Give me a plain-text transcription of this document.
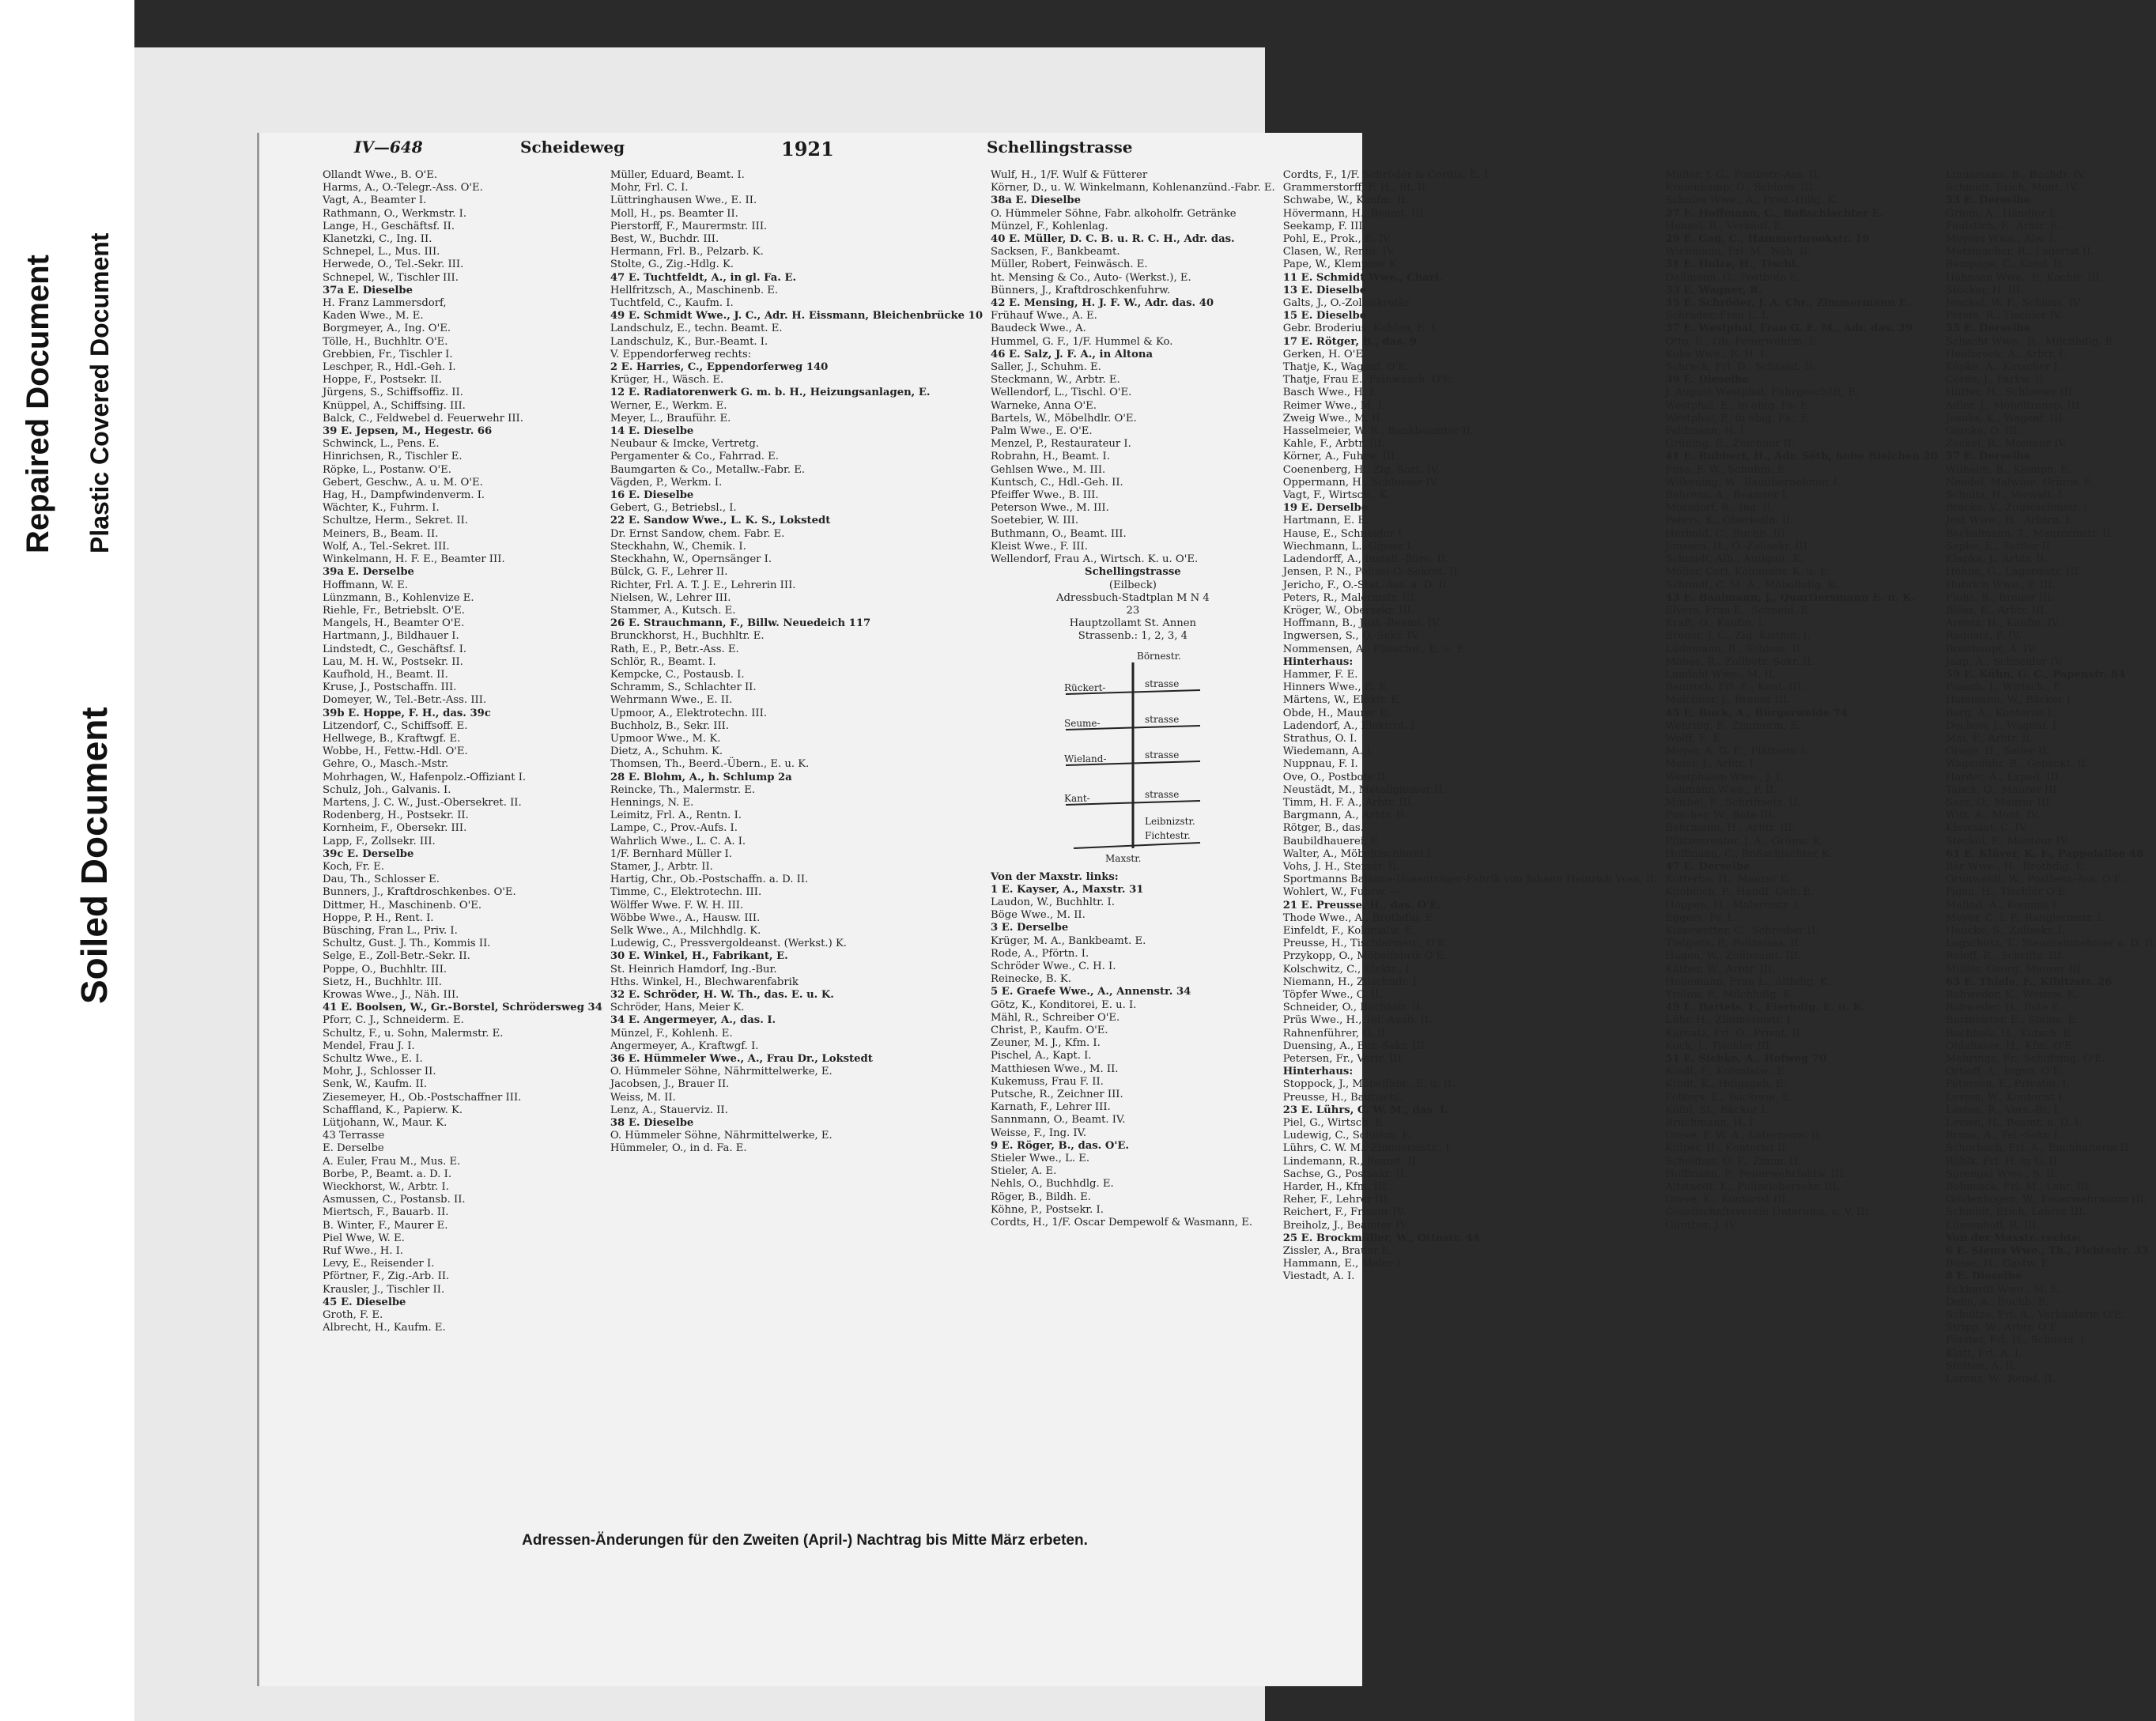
Repaired Document Plastic Covered Document
Soiled Document
IV—648	Scheideweg	1921	Schellingstrasse
Ollandt Wwe., B. O'E.
Harms, A., O.-Telegr.-Ass. O'E.
Vagt, A., Beamter I.
Rathmann, O., Werkmstr. I.
Lange, H., Geschäftsf. II.
Klanetzki, C., Ing. II.
Schnepel, L., Mus. III.
Herwede, O., Tel.-Sekr. III.
Schnepel, W., Tischler III.
37a E. Dieselbe
H. Franz Lammersdorf,
Kaden Wwe., M. E.
Borgmeyer, A., Ing. O'E.
Tölle, H., Buchhltr. O'E.
Grebbien, Fr., Tischler I.
Leschper, R., Hdl.-Geh. I.
Hoppe, F., Postsekr. II.
Jürgens, S., Schiffsoffiz. II.
Knüppel, A., Schiffsing. III.
Balck, C., Feldwebel d. Feuerwehr III.
39 E. Jepsen, M., Hegestr. 66
Schwinck, L., Pens. E.
Hinrichsen, R., Tischler E.
Röpke, L., Postanw. O'E.
Gebert, Geschw., A. u. M. O'E.
Hag, H., Dampfwindenverm. I.
Wächter, K., Fuhrm. I.
Schultze, Herm., Sekret. II.
Meiners, B., Beam. II.
Wolf, A., Tel.-Sekret. III.
Winkelmann, H. F. E., Beamter III.
39a E. Derselbe
Hoffmann, W. E.
Lünzmann, B., Kohlenvize E.
Riehle, Fr., Betriebslt. O'E.
Mangels, H., Beamter O'E.
Hartmann, J., Bildhauer I.
Lindstedt, C., Geschäftsf. I.
Lau, M. H. W., Postsekr. II.
Kaufhold, H., Beamt. II.
Kruse, J., Postschaffn. III.
Domeyer, W., Tel.-Betr.-Ass. III.
39b E. Hoppe, F. H., das. 39c
Litzendorf, C., Schiffsoff. E.
Hellwege, B., Kraftwgf. E.
Wobbe, H., Fettw.-Hdl. O'E.
Gehre, O., Masch.-Mstr.
Mohrhagen, W., Hafenpolz.-Offiziant I.
Schulz, Joh., Galvanis. I.
Martens, J. C. W., Just.-Obersekret. II.
Rodenberg, H., Postsekr. II.
Kornheim, F., Obersekr. III.
Lapp, F., Zollsekr. III.
39c E. Derselbe
Koch, Fr. E.
Dau, Th., Schlosser E.
Bunners, J., Kraftdroschkenbes. O'E.
Dittmer, H., Maschinenb. O'E.
Hoppe, P. H., Rent. I.
Büsching, Fran L., Priv. I.
Schultz, Gust. J. Th., Kommis II.
Selge, E., Zoll-Betr.-Sekr. II.
Poppe, O., Buchhltr. III.
Sietz, H., Buchhltr. III.
Krowas Wwe., J., Näh. III.
41 E. Boolsen, W., Gr.-Borstel, Schrödersweg 34
Pforr, C. J., Schneiderm. E.
Schultz, F., u. Sohn, Malermstr. E.
Mendel, Frau J. I.
Schultz Wwe., E. I.
Mohr, J., Schlosser II.
Senk, W., Kaufm. II.
Ziesemeyer, H., Ob.-Postschaffner III.
Schaffland, K., Papierw. K.
Lütjohann, W., Maur. K.
43 Terrasse
E. Derselbe
A. Euler, Frau M., Mus. E.
Borbe, P., Beamt. a. D. I.
Wieckhorst, W., Arbtr. I.
Asmussen, C., Postansb. II.
Miertsch, F., Bauarb. II.
B. Winter, F., Maurer E.
Piel Wwe, W. E.
Ruf Wwe., H. I.
Levy, E., Reisender I.
Pförtner, F., Zig.-Arb. II.
Krausler, J., Tischler II.
45 E. Dieselbe
Groth, F. E.
Albrecht, H., Kaufm. E.
Müller, Eduard, Beamt. I.
Mohr, Frl. C. I.
Lüttringhausen Wwe., E. II.
Moll, H., ps. Beamter II.
Pierstorff, F., Maurermstr. III.
Best, W., Buchdr. III.
Hermann, Frl. B., Pelzarb. K.
Stolte, G., Zig.-Hdlg. K.
47 E. Tuchtfeldt, A., in gl. Fa. E.
Hellfritzsch, A., Maschinenb. E.
Tuchtfeld, C., Kaufm. I.
49 E. Schmidt Wwe., J. C., Adr. H. Eissmann, Bleichenbrücke 10
Landschulz, E., techn. Beamt. E.
Landschulz, K., Bur.-Beamt. I.
V. Eppendorferweg rechts:
2 E. Harries, C., Eppendorferweg 140
Krüger, H., Wäsch. E.
12 E. Radiatorenwerk G. m. b. H., Heizungsanlagen, E.
Werner, E., Werkm. E.
Meyer, L., Brauführ. E.
14 E. Dieselbe
Neubaur & Imcke, Vertretg.
Pergamenter & Co., Fahrrad. E.
Baumgarten & Co., Metallw.-Fabr. E.
Vägden, P., Werkm. I.
16 E. Dieselbe
Gebert, G., Betriebsl., I.
22 E. Sandow Wwe., L. K. S., Lokstedt
Dr. Ernst Sandow, chem. Fabr. E.
Steckhahn, W., Chemik. I.
Steckhahn, W., Opernsänger I.
Bülck, G. F., Lehrer II.
Richter, Frl. A. T. J. E., Lehrerin III.
Nielsen, W., Lehrer III.
Stammer, A., Kutsch. E.
26 E. Strauchmann, F., Billw. Neuedeich 117
Brunckhorst, H., Buchhltr. E.
Rath, E., P., Betr.-Ass. E.
Schlör, R., Beamt. I.
Kempcke, C., Postausb. I.
Schramm, S., Schlachter II.
Wehrmann Wwe., E. II.
Upmoor, A., Elektrotechn. III.
Buchholz, B., Sekr. III.
Upmoor Wwe., M. K.
Dietz, A., Schuhm. K.
Thomsen, Th., Beerd.-Übern., E. u. K.
28 E. Blohm, A., h. Schlump 2a
Reincke, Th., Malermstr. E.
Hennings, N. E.
Leimitz, Frl. A., Rentn. I.
Lampe, C., Prov.-Aufs. I.
Wahrlich Wwe., L. C. A. I.
1/F. Bernhard Müller I.
Stamer, J., Arbtr. II.
Hartig, Chr., Ob.-Postschaffn. a. D. II.
Timme, C., Elektrotechn. III.
Wölffer Wwe. F. W. H. III.
Wöbbe Wwe., A., Hausw. III.
Selk Wwe., A., Milchhdlg. K.
Ludewig, C., Pressvergoldeanst. (Werkst.) K.
30 E. Winkel, H., Fabrikant, E.
St. Heinrich Hamdorf, Ing.-Bur.
Hths. Winkel, H., Blechwarenfabrik
32 E. Schröder, H. W. Th., das. E. u. K.
Schröder, Hans, Meier K.
34 E. Angermeyer, A., das. I.
Münzel, F., Kohlenh. E.
Angermeyer, A., Kraftwgf. I.
36 E. Hümmeler Wwe., A., Frau Dr., Lokstedt
O. Hümmeler Söhne, Nährmittelwerke, E.
Jacobsen, J., Brauer II.
Weiss, M. II.
Lenz, A., Stauerviz. II.
38 E. Dieselbe
O. Hümmeler Söhne, Nährmittelwerke, E.
Hümmeler, O., in d. Fa. E.
Wulf, H., 1/F. Wulf & Fütterer
Körner, D., u. W. Winkelmann, Kohlenanzünd.-Fabr. E.
38a E. Dieselbe
O. Hümmeler Söhne, Fabr. alkoholfr. Getränke
Münzel, F., Kohlenlag.
40 E. Müller, D. C. B. u. R. C. H., Adr. das.
Sacksen, F., Bankbeamt.
Müller, Robert, Feinwäsch. E.
ht. Mensing & Co., Auto- (Werkst.), E.
Bünners, J., Kraftdroschkenfuhrw.
42 E. Mensing, H. J. F. W., Adr. das. 40
Frühauf Wwe., A. E.
Baudeck Wwe., A.
Hummel, G. F., 1/F. Hummel & Ko.
46 E. Salz, J. F. A., in Altona
Saller, J., Schuhm. E.
Steckmann, W., Arbtr. E.
Wellendorf, L., Tischl. O'E.
Warneke, Anna O'E.
Bartels, W., Möbelhdlr. O'E.
Palm Wwe., E. O'E.
Menzel, P., Restaurateur I.
Robrahn, H., Beamt. I.
Gehlsen Wwe., M. III.
Kuntsch, C., Hdl.-Geh. II.
Pfeiffer Wwe., B. III.
Peterson Wwe., M. III.
Soetebier, W. III.
Buthmann, O., Beamt. III.
Kleist Wwe., F. III.
Wellendorf, Frau A., Wirtsch. K. u. O'E.
Schellingstrasse
(Eilbeck)
Adressbuch-Stadtplan M N 4
23
Hauptzollamt St. Annen
Strassenb.: 1, 2, 3, 4
Rückert-	strasse
Seume-	strasse
Wieland-	strasse
Kant-	strasse
Börnestr.
Leibnizstr.
Fichtestr.
Maxstr.
Von der Maxstr. links:
1 E. Kayser, A., Maxstr. 31
Laudon, W., Buchhltr. I.
Böge Wwe., M. II.
3 E. Derselbe
Krüger, M. A., Bankbeamt. E.
Rode, A., Pförtn. I.
Schröder Wwe., C. H. I.
Reinecke, B. K.
5 E. Graefe Wwe., A., Annenstr. 34
Götz, K., Konditorei, E. u. I.
Mähl, R., Schreiber O'E.
Christ, P., Kaufm. O'E.
Zeuner, M. J., Kfm. I.
Pischel, A., Kapt. I.
Matthiesen Wwe., M. II.
Kukemuss, Frau F. II.
Putsche, R., Zeichner III.
Karnath, F., Lehrer III.
Sannmann, O., Beamt. IV.
Weisse, F., Ing. IV.
9 E. Röger, B., das. O'E.
Stieler Wwe., L. E.
Stieler, A. E.
Nehls, O., Buchhdlg. E.
Röger, B., Bildh. E.
Köhne, P., Postsekr. I.
Cordts, H., 1/F. Oscar Dempewolf & Wasmann, E.
Cordts, F., 1/F. Schröder & Cordts, E. I.
Grammerstorff, F. H., Bt. II.
Schwabe, W., Kaufm. II.
Hövermann, H., Beamt. III.
Seekamp, F. III.
Pohl, E., Prok., E. IV.
Clasen, W., Rentn. IV.
Pape, W., Klempner K.
11 E. Schmidt Wwe., Charl.
13 E. Dieselbe
Galts, J., O.-Zollsekretär
15 E. Dieselbe
Gebr. Broderius, Kohlen, E. I.
17 E. Rötger, B., das. 9
Gerken, H. O'E.
Thatje, K., Wagenf. O'E.
Thatje, Frau E., Feinwäsch. O'E.
Basch Wwe., H. I.
Reimer Wwe., M. I.
Zweig Wwe., M. II.
Hasselmeier, W. R., Bankbeamter II.
Kahle, F., Arbtr. III.
Körner, A., Fuhrw. III.
Coenenberg, H., Zig.-Sort. IV.
Oppermann, H., Schlosser IV.
Vagt, F., Wirtsch., K.
19 E. Derselbe
Hartmann, E. E.
Hause, E., Schneider I.
Wiechmann, L., Gipser I.
Ladendorff, A., Install.-Büro, II.
Jensen, P. N., Polizei-O.-Sekret. II.
Jericho, F., O.-Stat.-Ass. a. D. II.
Peters, R., Malermstr. III.
Kröger, W., Obersekr. III.
Hoffmann, B., Just.-Beamt. IV.
Ingwersen, S., O.-Sekr. IV.
Nommensen, A., Fleischw., E. u. E.
Hinterhaus:
Hammer, F. E.
Hinners Wwe., E. E.
Märtens, W., Elektr. E.
Obde, H., Maurer E.
Ladendorf, A., Elektrot. I.
Strathus, O. I.
Wiedemann, A. I.
Nuppnau, F. I.
Ove, O., Postbote II.
Neustädt, M., Metallgiesser II.
Timm, H. F. A., Arbtr. III.
Bargmann, A., Arbtr. II.
Rötger, B., das.
Baubildhauerei, E.
Walter, A., Möbeltischlerei I.
Vohs, J. H., Steindr. II.
Sportmanns Balance-Hosenträger-Fabrik von Johann Heinrich Voss, II.
Wohlert, W., Fuhrw. —
21 E. Preusse, H., das. O'E.
Thode Wwe., A., Brothdlg. E.
Einfeldt, F., Kolonialw. E.
Preusse, H., Tischlermstr., O'E.
Przykopp, O., Möbelfabrik O'E.
Kolschwitz, C., Elektr., I.
Niemann, H., Zuschndr. I.
Töpfer Wwe., C. II.
Schneider, O., Buchhltr. II.
Prüs Wwe., H., Tel.-Ausb. II.
Rahnenführer, G. II.
Duensing, A., Bur.-Sekr. III.
Petersen, Fr., Vertr. III.
Hinterhaus:
Stoppock, J., Möbelfabr., E. u. II.
Preusse, H., Bautischl.
23 E. Lührs, C. W. M., das. I.
Piel, G., Wirtsch. E.
Ludewig, C., Schuhm. E.
Lührs, C. W. M., Zimmermstr., I.
Lindemann, R., Beamt. II.
Sachse, G., Postsekr. II.
Harder, H., Kfm. III.
Reher, F., Lehrer III.
Reichert, F., Friseur IV.
Breiholz, J., Beamter IV.
25 E. Brockmüller, W., Ottostr. 44
Zissler, A., Brauer E.
Hammann, E., Maler I.
Viestadt, A. I.
Müller, J. G., Postbetr.-Ass. II.
Kreienkamp, O., Schloss. III.
Schulze Wwe., A., Prod.-Hdlg. K.
27 E. Hoffmann, C., Roßschlachter E.
Hensel, R., Verkäuf. E.
29 E. Gag, C., Hammerbrookstr. 19
Wichmann, Frl. M., Näh. II.
31 E. Holze, H., Tischl.
Dallmann, G., Postbote E.
33 E. Wagner, R.
35 E. Schröder, J. A. Chr., Zimmermann E.
Schrader, Frau L. I.
37 E. Westphal, Frau G. E. M., Adr. das. 39
Otto, E., Ob.-Feuerwehrm. E.
Kobs Wwe., E. H. I.
Schreck, Frl. D., Schneid. II.
39 E. Dieselbe
J. August Westphal, Fuhrgeschäft, E.
Westphal, E., in obig. Fa. E.
Westphal, P., in obig. Fa., E.
Feldmann, H. I.
Grüning, E., Zeichner II.
41 E. Rubbert, H., Adr. Söth, hohe Bleichen 20
Fuss, F. W., Schuhm. E.
Wilkening, W., Bauübernehmer I.
Behrens, A., Beamter I.
Mossdorf, R., Ing. II.
Peters, K., Oberkelln. II.
Herbold, C., Buchb. III.
Jönsson, H., O.-Zollsekr. III.
Schmidt, Alb., Antiquit. K.
Möller, Carl, Kolonialw. K. u. E.
Schmidt, C. M. A., Möbelhdlg. K.
43 E. Baalmann, J., Quartiersmann E. u. K.
Elvers, Frau E., Schneid. E.
Kraft, O., Kaufm. I.
Breuer, J. C., Zig.-Kistnm. I.
Lüdemann, B., Schloss. II.
Möbes, R., Zollbetr.-Sekr. II.
Landahl Wwe., M. II.
Beinroth, Frl. E., Kont. III.
Melchner, J., Brauer III.
45 E. Buck, A., Bürgerweide 74
Wehring, F., Zimmerm. E.
Wolff, E. E.
Meyer, A. G. E., Plätterin I.
Meier, J., Arbtr. I.
Westphalen Wwe., J. I.
Lehmann Wwe., P. II.
Müthel, F., Schriftsetz. II.
Puscher, W., Bote III.
Behrmann, H., Arbtr. III.
Pfützenreuter, J. A., Grünw. K.
Hoffmann, C., Roßschlachter K.
47 E. Derselbe
Kotterba, H., Maurer E.
Knobloch, P., Handl.-Geh. E.
Hoppen, H., Malermstr. I.
Eggers, Fr. I.
Kiesewetter, C., Schreiber II.
Tietgens, P., Polizeiass. II.
Hagen, W., Zollbeamt. III.
Käther, W., Arbtr. III.
Heilemann, Frau L., Althdlg. K.
Tralow, F., Milchhdlg. K.
49 E. Bartels, F., Eierhdlg. E. u. K.
Lühr, H., Zimmermstr. I.
Karnatz, Frl. O., Privat. II.
Kock, J., Tischler III.
51 E. Siebke, A., Hofweg 70
Kindt, F., Kolonialw., E.
Kindt, K., Hdlgsgeh. E.
Folkers, E., Bäckerei, E.
Kölbl, St., Bäcker I.
Brüchmann, H. I.
Greve, F. W. A., Laternenw. II.
Külper, H., Kontorist II.
Schellhas, O. F., Zimm. II.
Hoffmann, P., Feuerwehrfeldw. III.
Altstaedt, K., Polizeiobersekr. III.
Greve, K., Kontorist III.
Gesellschaftsverein Unterums, e. V. III.
Günther, J. IV.
Linnemann, B., Buchdr. IV.
Schmidt, Erich, Mont. IV.
53 E. Derselbe
Griem, A., Händler E.
Faulstich, F., Arbtr. E.
Meyers Wwe., Alw. I.
Metzmacher, R., Lagerist II.
Rempage, C., Kond. II.
Hähnsen Wwe., P., Kochfr. III.
Stöcker, H. III.
Jenckel, W. F., Schloss. IV.
Peters, R., Tischler IV.
55 E. Derselbe
Schacht Wwe., R., Milchhdlg. E.
Heidbrock, A., Arbtr. I.
Köpke, A., Kutscher I.
Cords, J., Parkw. II.
Hütter, H., Schlosser III.
Adler, J., Möbeltransp. III.
Josuks, K., Wagenf. III.
Gercke, O. III.
Zeckel, R., Monteur IV.
57 E. Derselbe
Wilhelm, B., Klempn. E.
Nendel, Malwine, Grünw. E.
Schultz, H., Verwalt. I.
Bracke, V., Zugwachmstr. I.
Jost Wwe., H., Arbtrn. I.
Beckelmann, T., Maurermstr. II.
Sepke, E., Sattler II.
Klapka, J., Arbtr. II.
Höhne, G., Lagermstr. III.
Hubrich Wwe., P. III.
Flohs, B., Brauer III.
Blöss, E., Arbtr. III.
Arentz, H., Kaufm. IV.
Raddatz, F. IV.
Breithaupt, A. IV.
Jaap, A., Schneider IV.
59 E. Kühn, G. C., Papenstr. 84
Paasch, J., Wirtsch., E.
Hammann, W., Bäcker I.
Berg, A., Kontorist I.
Dechow, J., Wagenf. I.
Mai, F., Arbtr. II.
Grage, H., Seiler II.
Wagenführ, R., Gepäckt. II.
Harder, A., Exped. III.
Tanck, O., Maurer III.
Sass, O., Maurer III.
Witt, A., Mont. IV.
Klewsaat, C. IV.
Steckel, F., Monteur IV.
61 E. Klüver, K. F., Pappelallee 48
Bär Wwe., H., Brothdlg. E.
Grünwaldt, W., Postbetr.-Ass. O'E.
Fajen, H., Tischler O'E.
Melind, A., Kommis I.
Meyer, C. I. P., Rangiermstr. I.
Heucke, S., Zollsekr. I.
Logschütz, T., Steuereinnehmer a. D. II.
Roloff, R., Schrifts. III.
Müller, Georg, Maurer III.
63 E. Thiele, F., Kibitzstr. 26
Rohweder, K., Weissw. E.
Rohweder, H., Bote E.
Burmeister, E., Steins. E.
Buchholz, H., Kutsch. E.
Oldehaver, H., Kfm. O'E.
Mehrings, Fr., Schiffsing. O'E.
Ortloff, A., Ingen. O'E.
Petersen, F., Privatm. I.
Levien, W., Kontorist I.
Levien, R., Vers.-Bt. I.
Levien, H., Beamt. a. D. I.
Bruns, A., Tel.-Sekr. I.
Schorbach, Frl. A., Buchhalterin II.
Röhlk, Frl. H. in G. II.
Sprengel Wwe., S. II.
Bohnsack, Frl. M., Lehr. III.
Goldenbogen, W., Feuerwehrmann III.
Schmidt, Erich, Lehrer III.
Lüssenhoff, R. III.
Von der Maxstr. rechts:
6 E. Siems Wwe., Th., Fichtestr. 33
Busse, H., Gastw. E.
8 E. Dieselbe
Eckhardt Wwe., M. E.
Dehn, A., Buchb. E.
Schultze, Frl. A., Verkäuferin O'E.
Stripp, W., Arbtr. O'E.
Förster, Frl. H., Schneid. I.
Klatt, Frl. A. I.
Stotten, A. II.
Lorenz, W., Reisd. II.
Adressen-Änderungen für den Zweiten (April-) Nachtrag bis Mitte März erbeten.
